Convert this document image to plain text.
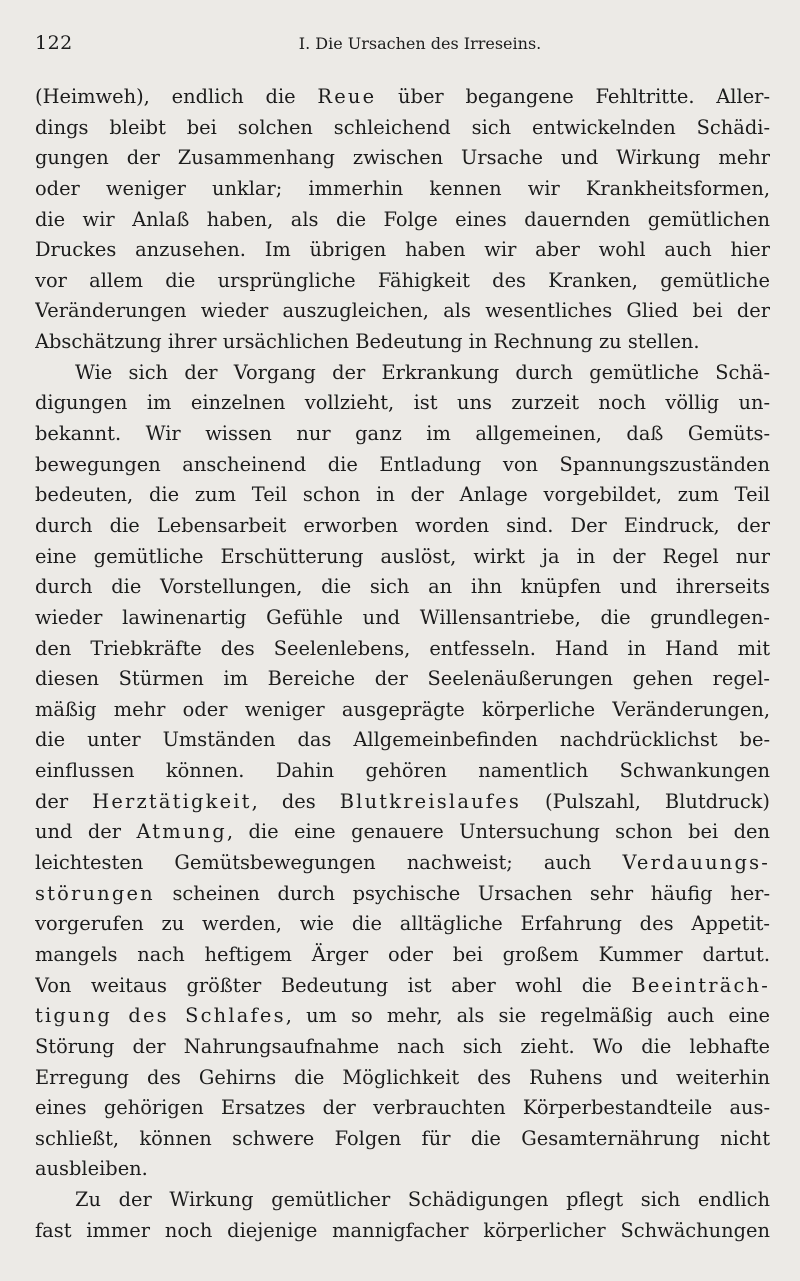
122	I. Die Ursachen des Irreseins.
(Heimweh), endlich die Reue über begangene Fehltritte. Aller-
dings bleibt bei solchen schleichend sich entwickelnden Schädi-
gungen der Zusammenhang zwischen Ursache und Wirkung mehr
oder weniger unklar; immerhin kennen wir Krankheitsformen,
die wir Anlaß haben, als die Folge eines dauernden gemütlichen
Druckes anzusehen. Im übrigen haben wir aber wohl auch hier
vor allem die ursprüngliche Fähigkeit des Kranken, gemütliche
Veränderungen wieder auszugleichen, als wesentliches Glied bei der
Abschätzung ihrer ursächlichen Bedeutung in Rechnung zu stellen.
Wie sich der Vorgang der Erkrankung durch gemütliche Schä-
digungen im einzelnen vollzieht, ist uns zurzeit noch völlig un-
bekannt. Wir wissen nur ganz im allgemeinen, daß Gemüts-
bewegungen anscheinend die Entladung von Spannungszuständen
bedeuten, die zum Teil schon in der Anlage vorgebildet, zum Teil
durch die Lebensarbeit erworben worden sind. Der Eindruck, der
eine gemütliche Erschütterung auslöst, wirkt ja in der Regel nur
durch die Vorstellungen, die sich an ihn knüpfen und ihrerseits
wieder lawinenartig Gefühle und Willensantriebe, die grundlegen-
den Triebkräfte des Seelenlebens, entfesseln. Hand in Hand mit
diesen Stürmen im Bereiche der Seelenäußerungen gehen regel-
mäßig mehr oder weniger ausgeprägte körperliche Veränderungen,
die unter Umständen das Allgemeinbefinden nachdrücklichst be-
einflussen können. Dahin gehören namentlich Schwankungen
der Herztätigkeit, des Blutkreislaufes (Pulszahl, Blutdruck)
und der Atmung, die eine genauere Untersuchung schon bei den
leichtesten Gemütsbewegungen nachweist; auch Verdauungs-
störungen scheinen durch psychische Ursachen sehr häufig her-
vorgerufen zu werden, wie die alltägliche Erfahrung des Appetit-
mangels nach heftigem Ärger oder bei großem Kummer dartut.
Von weitaus größter Bedeutung ist aber wohl die Beeinträch-
tigung des Schlafes, um so mehr, als sie regelmäßig auch eine
Störung der Nahrungsaufnahme nach sich zieht. Wo die lebhafte
Erregung des Gehirns die Möglichkeit des Ruhens und weiterhin
eines gehörigen Ersatzes der verbrauchten Körperbestandteile aus-
schließt, können schwere Folgen für die Gesamternährung nicht
ausbleiben.
Zu der Wirkung gemütlicher Schädigungen pflegt sich endlich
fast immer noch diejenige mannigfacher körperlicher Schwächungen
